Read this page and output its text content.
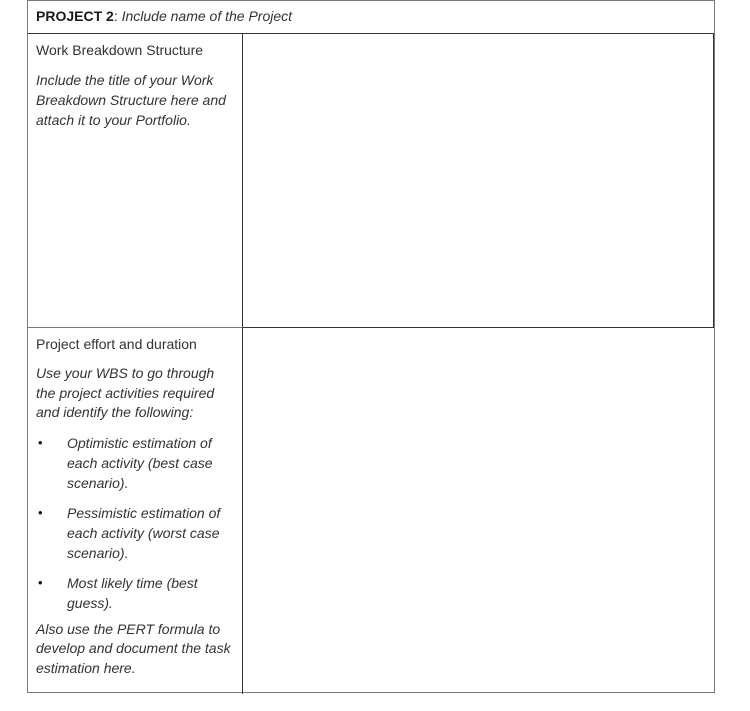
PROJECT 2: Include name of the Project

Work Breakdown Structure

Include the title of your Work Breakdown Structure here and attach it to your Portfolio.

Project effort and duration

Use your WBS to go through the project activities required and identify the following:

• Optimistic estimation of each activity (best case scenario).
• Pessimistic estimation of each activity (worst case scenario).
• Most likely time (best guess).

Also use the PERT formula to develop and document the task estimation here.
